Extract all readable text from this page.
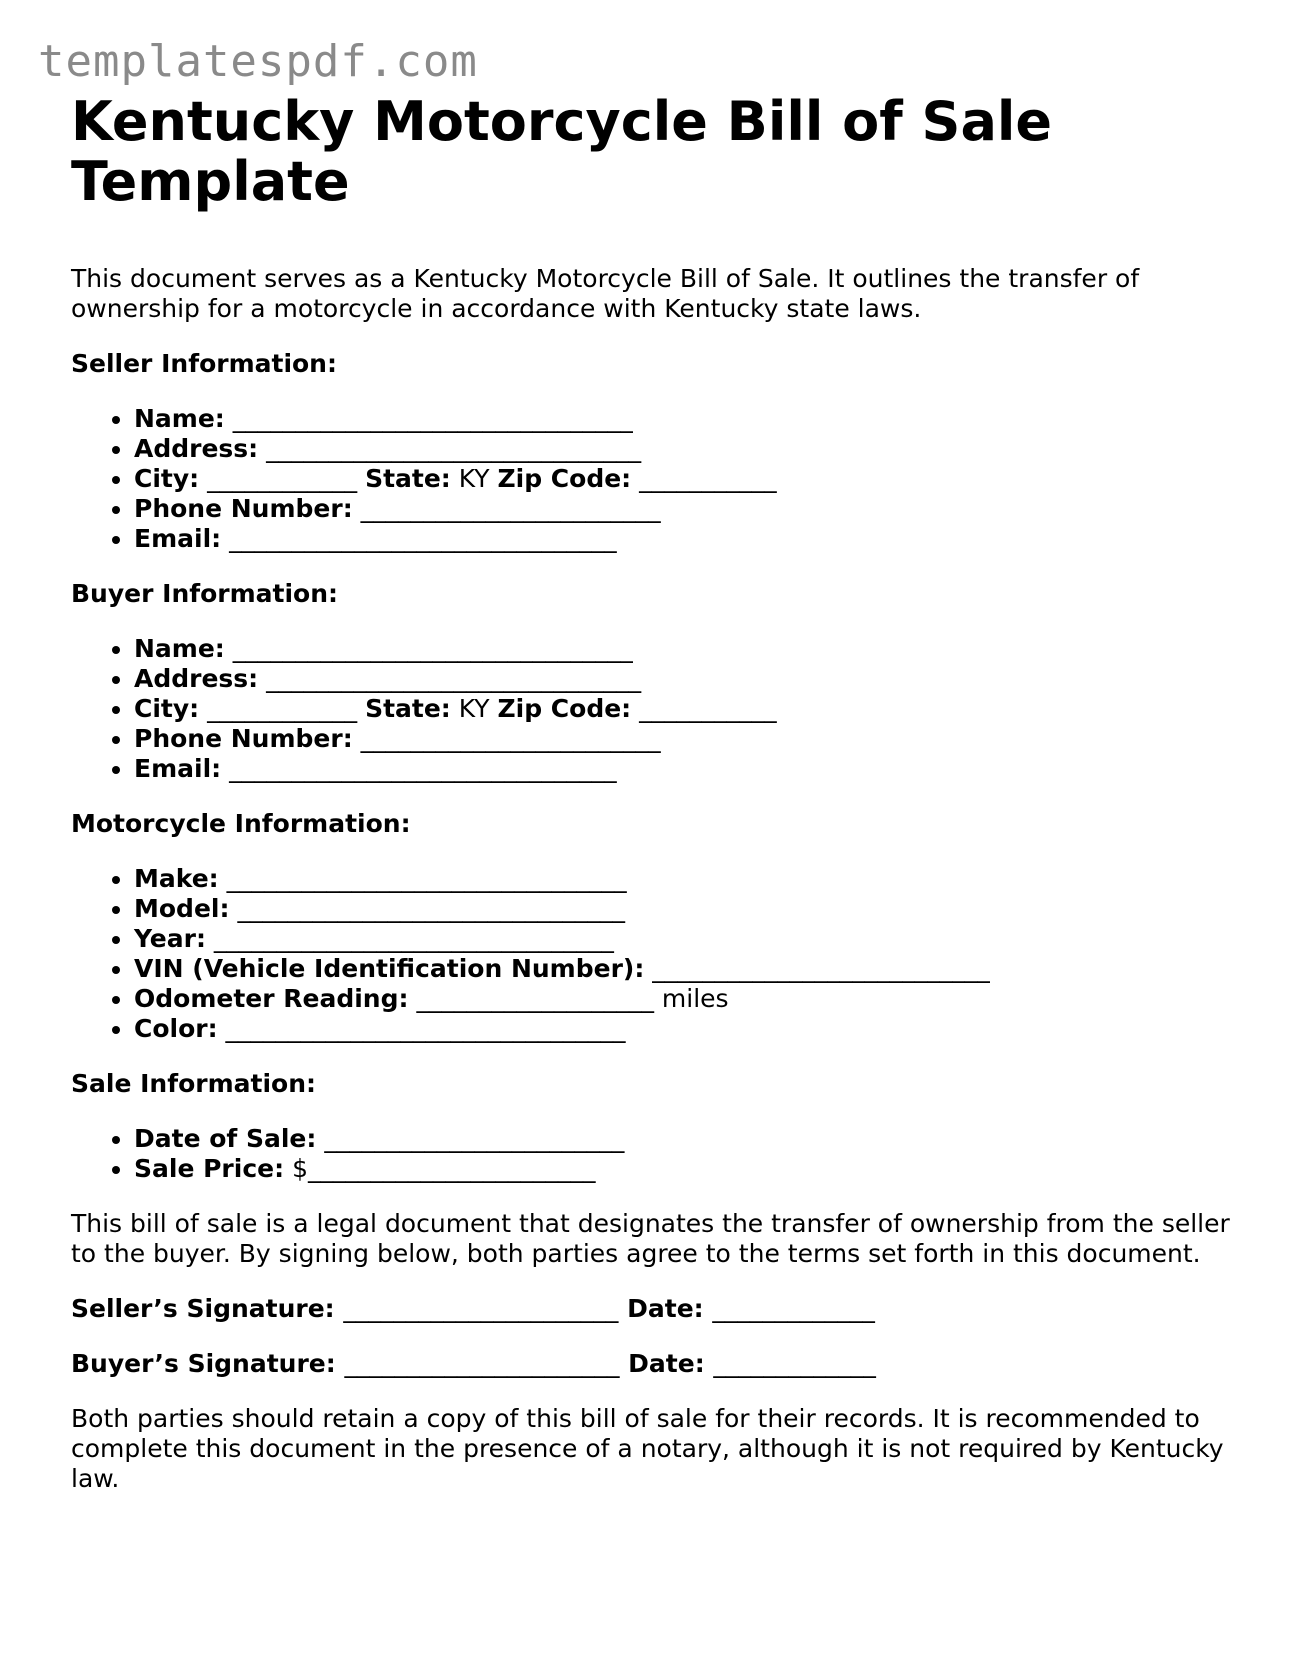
templatespdf.com
Kentucky Motorcycle Bill of Sale Template

This document serves as a Kentucky Motorcycle Bill of Sale. It outlines the transfer of ownership for a motorcycle in accordance with Kentucky state laws.

Seller Information:

• Name: ________________________________
• Address: ______________________________
• City: ____________ State: KY Zip Code: ___________
• Phone Number: ________________________
• Email: _______________________________

Buyer Information:

• Name: ________________________________
• Address: ______________________________
• City: ____________ State: KY Zip Code: ___________
• Phone Number: ________________________
• Email: _______________________________

Motorcycle Information:

• Make: ________________________________
• Model: _______________________________
• Year: ________________________________
• VIN (Vehicle Identification Number): ___________________________
• Odometer Reading: ___________________ miles
• Color: ________________________________

Sale Information:

• Date of Sale: ________________________
• Sale Price: $_______________________

This bill of sale is a legal document that designates the transfer of ownership from the seller to the buyer. By signing below, both parties agree to the terms set forth in this document.

Seller’s Signature: ______________________ Date: _____________

Buyer’s Signature: ______________________ Date: _____________

Both parties should retain a copy of this bill of sale for their records. It is recommended to complete this document in the presence of a notary, although it is not required by Kentucky law.
